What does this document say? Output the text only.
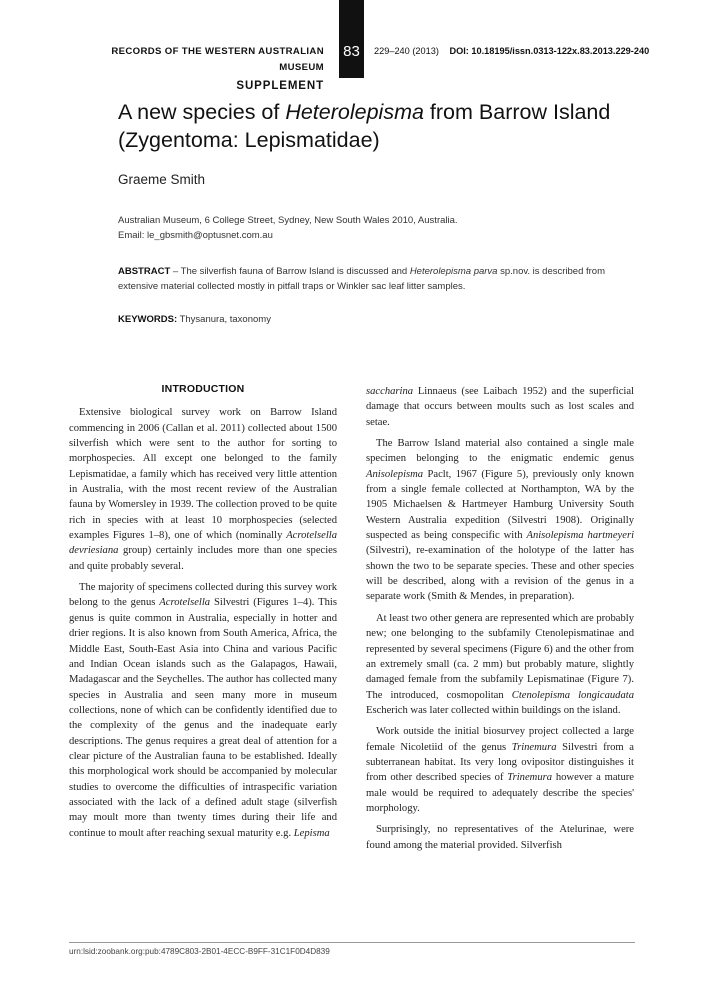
RECORDS OF THE WESTERN AUSTRALIAN MUSEUM
SUPPLEMENT
83	229–240 (2013) DOI: 10.18195/issn.0313-122x.83.2013.229-240
A new species of Heterolepisma from Barrow Island (Zygentoma: Lepismatidae)
Graeme Smith
Australian Museum, 6 College Street, Sydney, New South Wales 2010, Australia.
Email: le_gbsmith@optusnet.com.au

ABSTRACT – The silverfish fauna of Barrow Island is discussed and Heterolepisma parva sp.nov. is described from extensive material collected mostly in pitfall traps or Winkler sac leaf litter samples.

KEYWORDS: Thysanura, taxonomy
INTRODUCTION

Extensive biological survey work on Barrow Island commencing in 2006 (Callan et al. 2011) collected about 1500 silverfish which were sent to the author for sorting to morphospecies. All except one belonged to the family Lepismatidae, a family which has received very little attention in Australia, with the most recent review of the Australian fauna by Womersley in 1939. The collection proved to be quite rich in species with at least 10 morphospecies (selected examples Figures 1–8), one of which (nominally Acrotelsella devriesiana group) certainly includes more than one species and quite probably several.

The majority of specimens collected during this survey work belong to the genus Acrotelsella Silvestri (Figures 1–4). This genus is quite common in Australia, especially in hotter and drier regions. It is also known from South America, Africa, the Middle East, South-East Asia into China and various Pacific and Indian Ocean islands such as the Galapagos, Hawaii, Madagascar and the Seychelles. The author has collected many species in Australia and seen many more in museum collections, none of which can be confidently identified due to the complexity of the genus and the inadequate early descriptions. The genus requires a great deal of attention for a clear picture of the Australian fauna to be established. Ideally this morphological work should be accompanied by molecular studies to overcome the difficulties of intraspecific variation associated with the lack of a defined adult stage (silverfish may moult more than twenty times during their life and continue to moult after reaching sexual maturity e.g. Lepisma

saccharina Linnaeus (see Laibach 1952) and the superficial damage that occurs between moults such as lost scales and setae.

The Barrow Island material also contained a single male specimen belonging to the enigmatic endemic genus Anisolepisma Paclt, 1967 (Figure 5), previously only known from a single female collected at Northampton, WA by the 1905 Michaelsen & Hartmeyer Hamburg University South Western Australia expedition (Silvestri 1908). Originally suspected as being conspecific with Anisolepisma hartmeyeri (Silvestri), re-examination of the holotype of the latter has shown the two to be separate species. These and other species will be described, along with a revision of the genus in a separate work (Smith & Mendes, in preparation).

At least two other genera are represented which are probably new; one belonging to the subfamily Ctenolepismatinae and represented by several specimens (Figure 6) and the other from an extremely small (ca. 2 mm) but probably mature, slightly damaged female from the subfamily Lepismatinae (Figure 7). The introduced, cosmopolitan Ctenolepisma longicaudata Escherich was later collected within buildings on the island.

Work outside the initial biosurvey project collected a large female Nicoletiid of the genus Trinemura Silvestri from a subterranean habitat. Its very long ovipositor distinguishes it from other described species of Trinemura however a mature male would be required to adequately describe the species' morphology.

Surprisingly, no representatives of the Atelurinae, were found among the material provided. Silverfish

urn:lsid:zoobank.org:pub:4789C803-2B01-4ECC-B9FF-31C1F0D4D839
